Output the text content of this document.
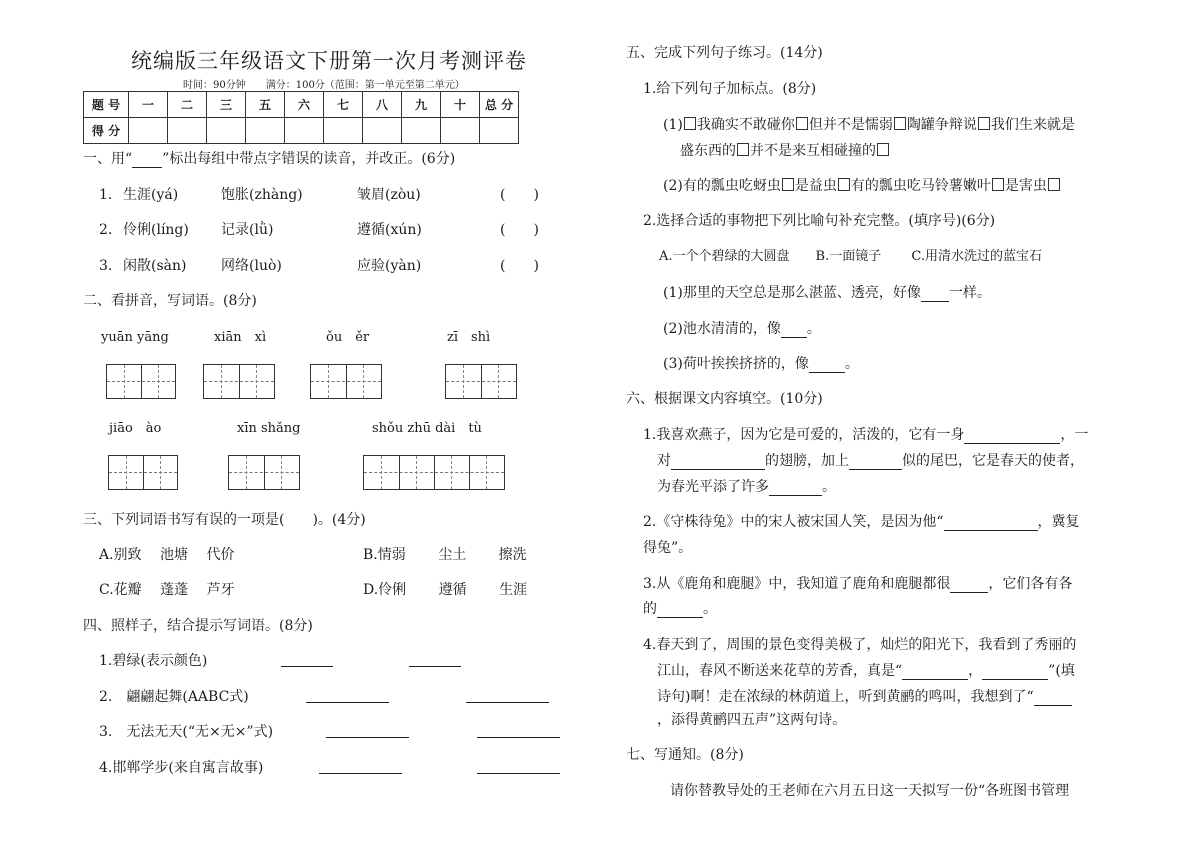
统编版三年级语文下册第一次月考测评卷
时间：90分钟　　满分：100分（范围：第一单元至第二单元）
题 号	一	二	三	五	六	七	八	九	十	总 分
得 分										
一、用“ ”标出每组中带点字错误的读音，并改正。(6分)
1. 生涯(yá)	饱胀(zhàng)	皱眉(zòu)	(　　)
2. 伶俐(líng) 记录(lǜ)	遵循(xún)	(　　)
3. 闲散(sàn) 网络(luò)	应验(yàn)	(　　)
二、看拼音，写词语。(8分)
yuān yāng	xiān　xì	ǒu　ěr	zī　shì
jiāo　ào	xīn shǎng	shǒu zhū dài　tù
三、下列词语书写有误的一项是(　　)。(4分)
A.别致　 池塘　 代价	B.情弱　　 尘土　　 擦洗
C.花瓣　 蓬蓬　 芦牙	D.伶俐　　 遵循　　 生涯
四、照样子，结合提示写词语。(8分)
1.碧绿(表示颜色)
2.　翩翩起舞(AABC式)
3.　无法无天(“无×无×”式)
4.邯郸学步(来自寓言故事)
五、完成下列句子练习。(14分)
1.给下列句子加标点。(8分)
(1) 我确实不敢碰你 但并不是懦弱 陶罐争辩说 我们生来就是
盛东西的 并不是来互相碰撞的
(2)有的瓢虫吃蚜虫 是益虫 有的瓢虫吃马铃薯嫩叶 是害虫
2.选择合适的事物把下列比喻句补充完整。(填序号)(6分)
A.一个个碧绿的大圆盘　　B.一面镜子　　 C.用清水洗过的蓝宝石
(1)那里的天空总是那么湛蓝、透亮，好像 一样。
(2)池水清清的，像 。
(3)荷叶挨挨挤挤的，像	。
六、根据课文内容填空。(10分)
1.我喜欢燕子，因为它是可爱的，活泼的，它有一身	，一
对	的翅膀，加上	似的尾巴，它是春天的使者，
为春光平添了许多	。
2.《守株待兔》中的宋人被宋国人笑，是因为他“	，冀复
得兔”。
3.从《鹿角和鹿腿》中，我知道了鹿角和鹿腿都很	，它们各有各
的	。
4.春天到了，周围的景色变得美极了，灿烂的阳光下，我看到了秀丽的
江山，春风不断送来花草的芳香，真是“	，	”(填
诗句)啊！走在浓绿的林荫道上，听到黄鹂的鸣叫，我想到了“
，添得黄鹂四五声”这两句诗。
七、写通知。(8分)
请你替教导处的王老师在六月五日这一天拟写一份“各班图书管理
